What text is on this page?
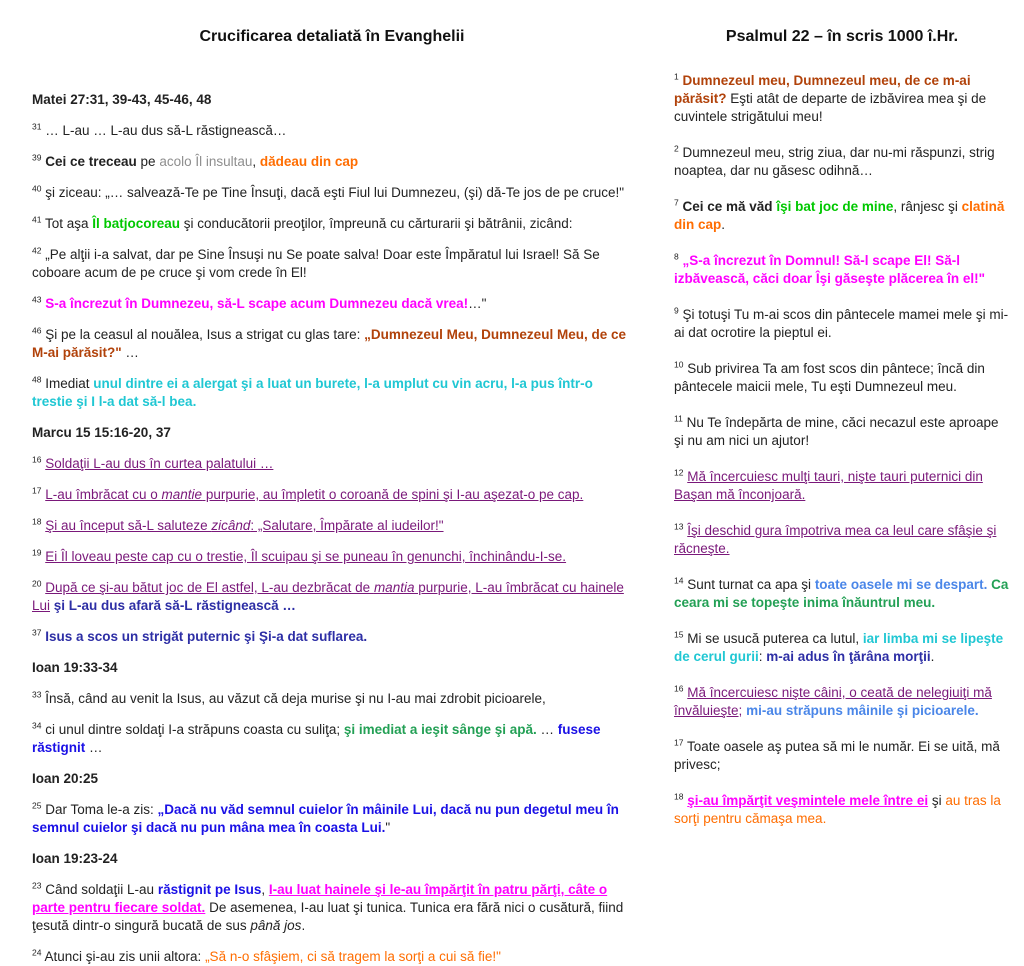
Crucificarea detaliată în Evanghelii

Matei 27:31, 39-43, 45-46, 48

$^{31}$ … L-au … L-au dus să-L răstignească…

$^{39}$ Cei ce treceau pe acolo Îl insultau, dădeau din cap

$^{40}$ şi ziceau: „… salvează-Te pe Tine Însuţi, dacă eşti Fiul lui Dumnezeu, (şi) dă-Te jos de pe cruce!"

$^{41}$ Tot aşa Îl batjocoreau şi conducătorii preoţilor, împreună cu cărturarii şi bătrânii, zicând:

$^{42}$ „Pe alţii i-a salvat, dar pe Sine Însuşi nu Se poate salva! Doar este Împăratul lui Israel! Să Se coboare acum de pe cruce şi vom crede în El!

$^{43}$ S-a încrezut în Dumnezeu, să-L scape acum Dumnezeu dacă vrea!…"

$^{46}$ Şi pe la ceasul al nouălea, Isus a strigat cu glas tare: „Dumnezeul Meu, Dumnezeul Meu, de ce M-ai părăsit?" …

$^{48}$ Imediat unul dintre ei a alergat şi a luat un burete, l-a umplut cu vin acru, l-a pus într-o trestie şi I l-a dat să-l bea.

Marcu 15 15:16-20, 37

$^{16}$ Soldaţii L-au dus în curtea palatului …

$^{17}$ L-au îmbrăcat cu o mantie purpurie, au împletit o coroană de spini şi I-au aşezat-o pe cap.

$^{18}$ Şi au început să-L saluteze zicând: „Salutare, Împărate al iudeilor!"

$^{19}$ Ei Îl loveau peste cap cu o trestie, Îl scuipau şi se puneau în genunchi, închinându-I-se.

$^{20}$ După ce şi-au bătut joc de El astfel, L-au dezbrăcat de mantia purpurie, L-au îmbrăcat cu hainele Lui şi L-au dus afară să-L răstignească …

$^{37}$ Isus a scos un strigăt puternic şi Şi-a dat suflarea.

Ioan 19:33-34

$^{33}$ Însă, când au venit la Isus, au văzut că deja murise şi nu I-au mai zdrobit picioarele,

$^{34}$ ci unul dintre soldaţi I-a străpuns coasta cu suliţa; şi imediat a ieşit sânge şi apă. … fusese răstignit …

Ioan 20:25

$^{25}$ Dar Toma le-a zis: „Dacă nu văd semnul cuielor în mâinile Lui, dacă nu pun degetul meu în semnul cuielor şi dacă nu pun mâna mea în coasta Lui."

Ioan 19:23-24

$^{23}$ Când soldaţii L-au răstignit pe Isus, I-au luat hainele şi le-au împărţit în patru părţi, câte o parte pentru fiecare soldat. De asemenea, I-au luat şi tunica. Tunica era fără nici o cusătură, fiind ţesută dintr-o singură bucată de sus până jos.

$^{24}$ Atunci şi-au zis unii altora: „Să n-o sfâşiem, ci să tragem la sorţi a cui să fie!"

Psalmul 22 – în scris 1000 î.Hr.

$^1$ Dumnezeul meu, Dumnezeul meu, de ce m-ai părăsit? Eşti atât de departe de izbăvirea mea şi de cuvintele strigătului meu!

$^2$ Dumnezeul meu, strig ziua, dar nu-mi răspunzi, strig noaptea, dar nu găsesc odihnă…

$^7$ Cei ce mă văd îşi bat joc de mine, rânjesc şi clatină din cap.

$^8$ „S-a încrezut în Domnul! Să-l scape El! Să-l izbăvească, căci doar Îşi găseşte plăcerea în el!"

$^9$ Şi totuşi Tu m-ai scos din pântecele mamei mele şi mi-ai dat ocrotire la pieptul ei.

$^{10}$ Sub privirea Ta am fost scos din pântece; încă din pântecele maicii mele, Tu eşti Dumnezeul meu.

$^{11}$ Nu Te îndepărta de mine, căci necazul este aproape şi nu am nici un ajutor!

$^{12}$ Mă încercuiesc mulţi tauri, nişte tauri puternici din Başan mă înconjoară.

$^{13}$ Îşi deschid gura împotriva mea ca leul care sfâşie şi răcneşte.

$^{14}$ Sunt turnat ca apa şi toate oasele mi se despart. Ca ceara mi se topeşte inima înăuntrul meu.

$^{15}$ Mi se usucă puterea ca lutul, iar limba mi se lipeşte de cerul gurii: m-ai adus în ţărâna morţii.

$^{16}$ Mă încercuiesc nişte câini, o ceată de nelegiuiţi mă învăluieşte; mi-au străpuns mâinile şi picioarele.

$^{17}$ Toate oasele aş putea să mi le număr. Ei se uită, mă privesc;

$^{18}$ şi-au împărţit veşmintele mele între ei şi au tras la sorţi pentru cămaşa mea.
